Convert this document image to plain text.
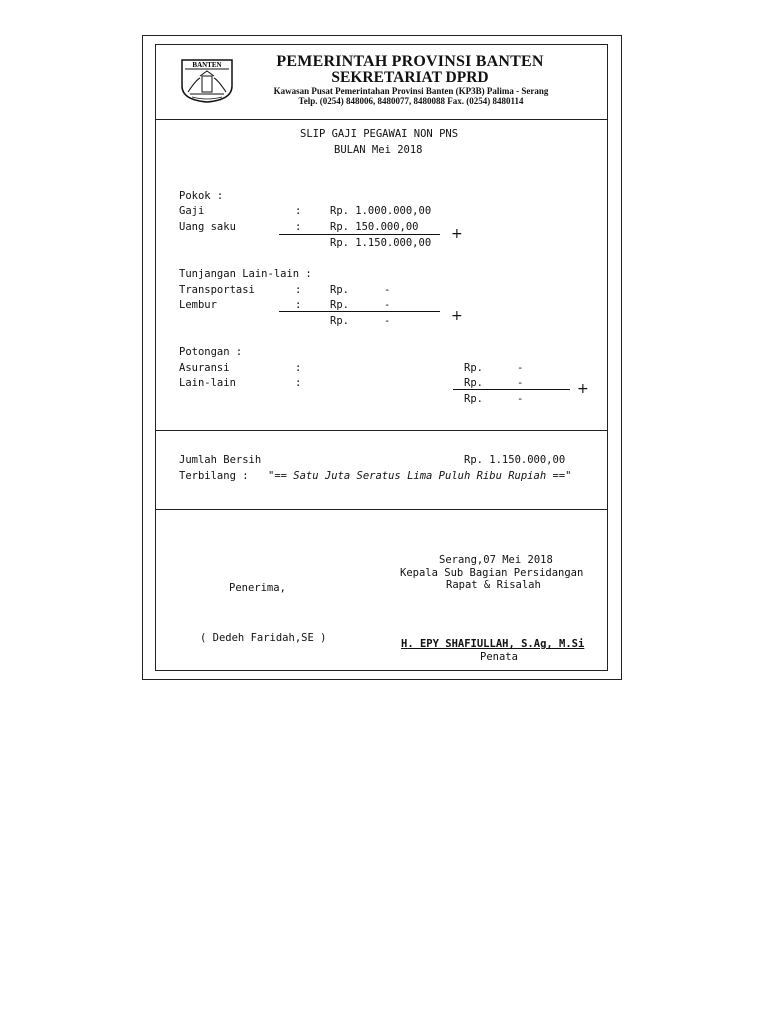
BANTEN	PEMERINTAH PROVINSI BANTEN
SEKRETARIAT DPRD
Kawasan Pusat Pemerintahan Provinsi Banten (KP3B) Palima - Serang
Telp. (0254) 848006, 8480077, 8480088 Fax. (0254) 8480114
SLIP GAJI PEGAWAI NON PNS
BULAN Mei 2018
Pokok :
Gaji	:	Rp. 1.000.000,00
Uang saku	:	Rp. 150.000,00 +
Rp. 1.150.000,00
Tunjangan Lain-lain :
Transportasi	:	Rp.	-
Lembur	:	Rp.	-
+
Rp.	-
Potongan :
Asuransi	:	Rp.	-
Lain-lain	:	Rp.	-	+
Rp.	-
Jumlah Bersih	Rp. 1.150.000,00
Terbilang : "== Satu Juta Seratus Lima Puluh Ribu Rupiah =="
Serang,07 Mei 2018
Kepala Sub Bagian Persidangan
Rapat & Risalah
Penerima,
( Dedeh Faridah,SE )	H. EPY SHAFIULLAH, S.Ag, M.Si
Penata
